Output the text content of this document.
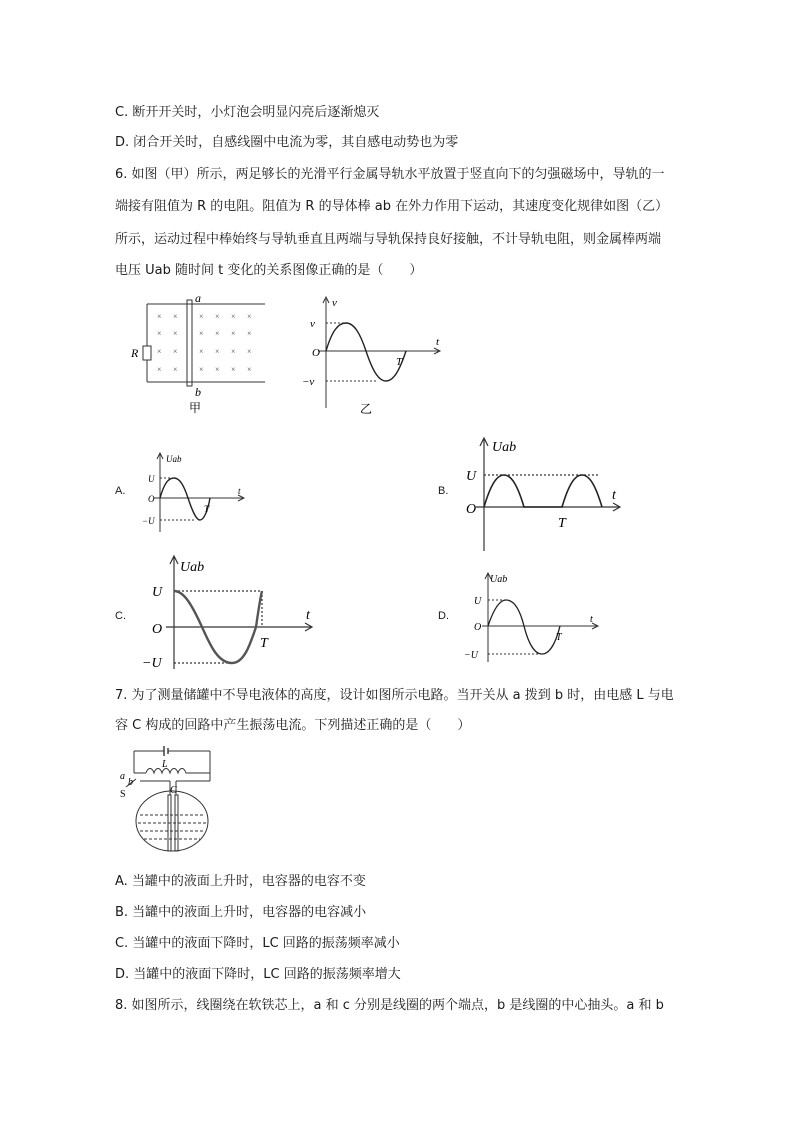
C. 断开开关时，小灯泡会明显闪亮后逐渐熄灭
D. 闭合开关时，自感线圈中电流为零，其自感电动势也为零
6. 如图（甲）所示，两足够长的光滑平行金属导轨水平放置于竖直向下的匀强磁场中，导轨的一
端接有阻值为 R 的电阻。阻值为 R 的导体棒 ab 在外力作用下运动，其速度变化规律如图（乙）
所示，运动过程中棒始终与导轨垂直且两端与导轨保持良好接触，不计导轨电阻，则金属棒两端
电压 Uab 随时间 t 变化的关系图像正确的是（　　）
× ×	× × × ×
× ×	× × × ×
× ×	× × × ×
× ×	× × × ×
R
a
b
甲
v
t
v
−v
O
T
乙
A.
Uab
t
U
−U
O
T
B.
Uab
t
U
O
T
C.
Uab
t
U
−U
O
T
D.
Uab
t
U
−U
O
T
7. 为了测量储罐中不导电液体的高度，设计如图所示电路。当开关从 a 拨到 b 时，由电感 L 与电
容 C 构成的回路中产生振荡电流。下列描述正确的是（　　）
a
b
S
L
C
A. 当罐中的液面上升时，电容器的电容不变
B. 当罐中的液面上升时，电容器的电容减小
C. 当罐中的液面下降时，LC 回路的振荡频率减小
D. 当罐中的液面下降时，LC 回路的振荡频率增大
8. 如图所示，线圈绕在软铁芯上，a 和 c 分别是线圈的两个端点，b 是线圈的中心抽头。a 和 b
